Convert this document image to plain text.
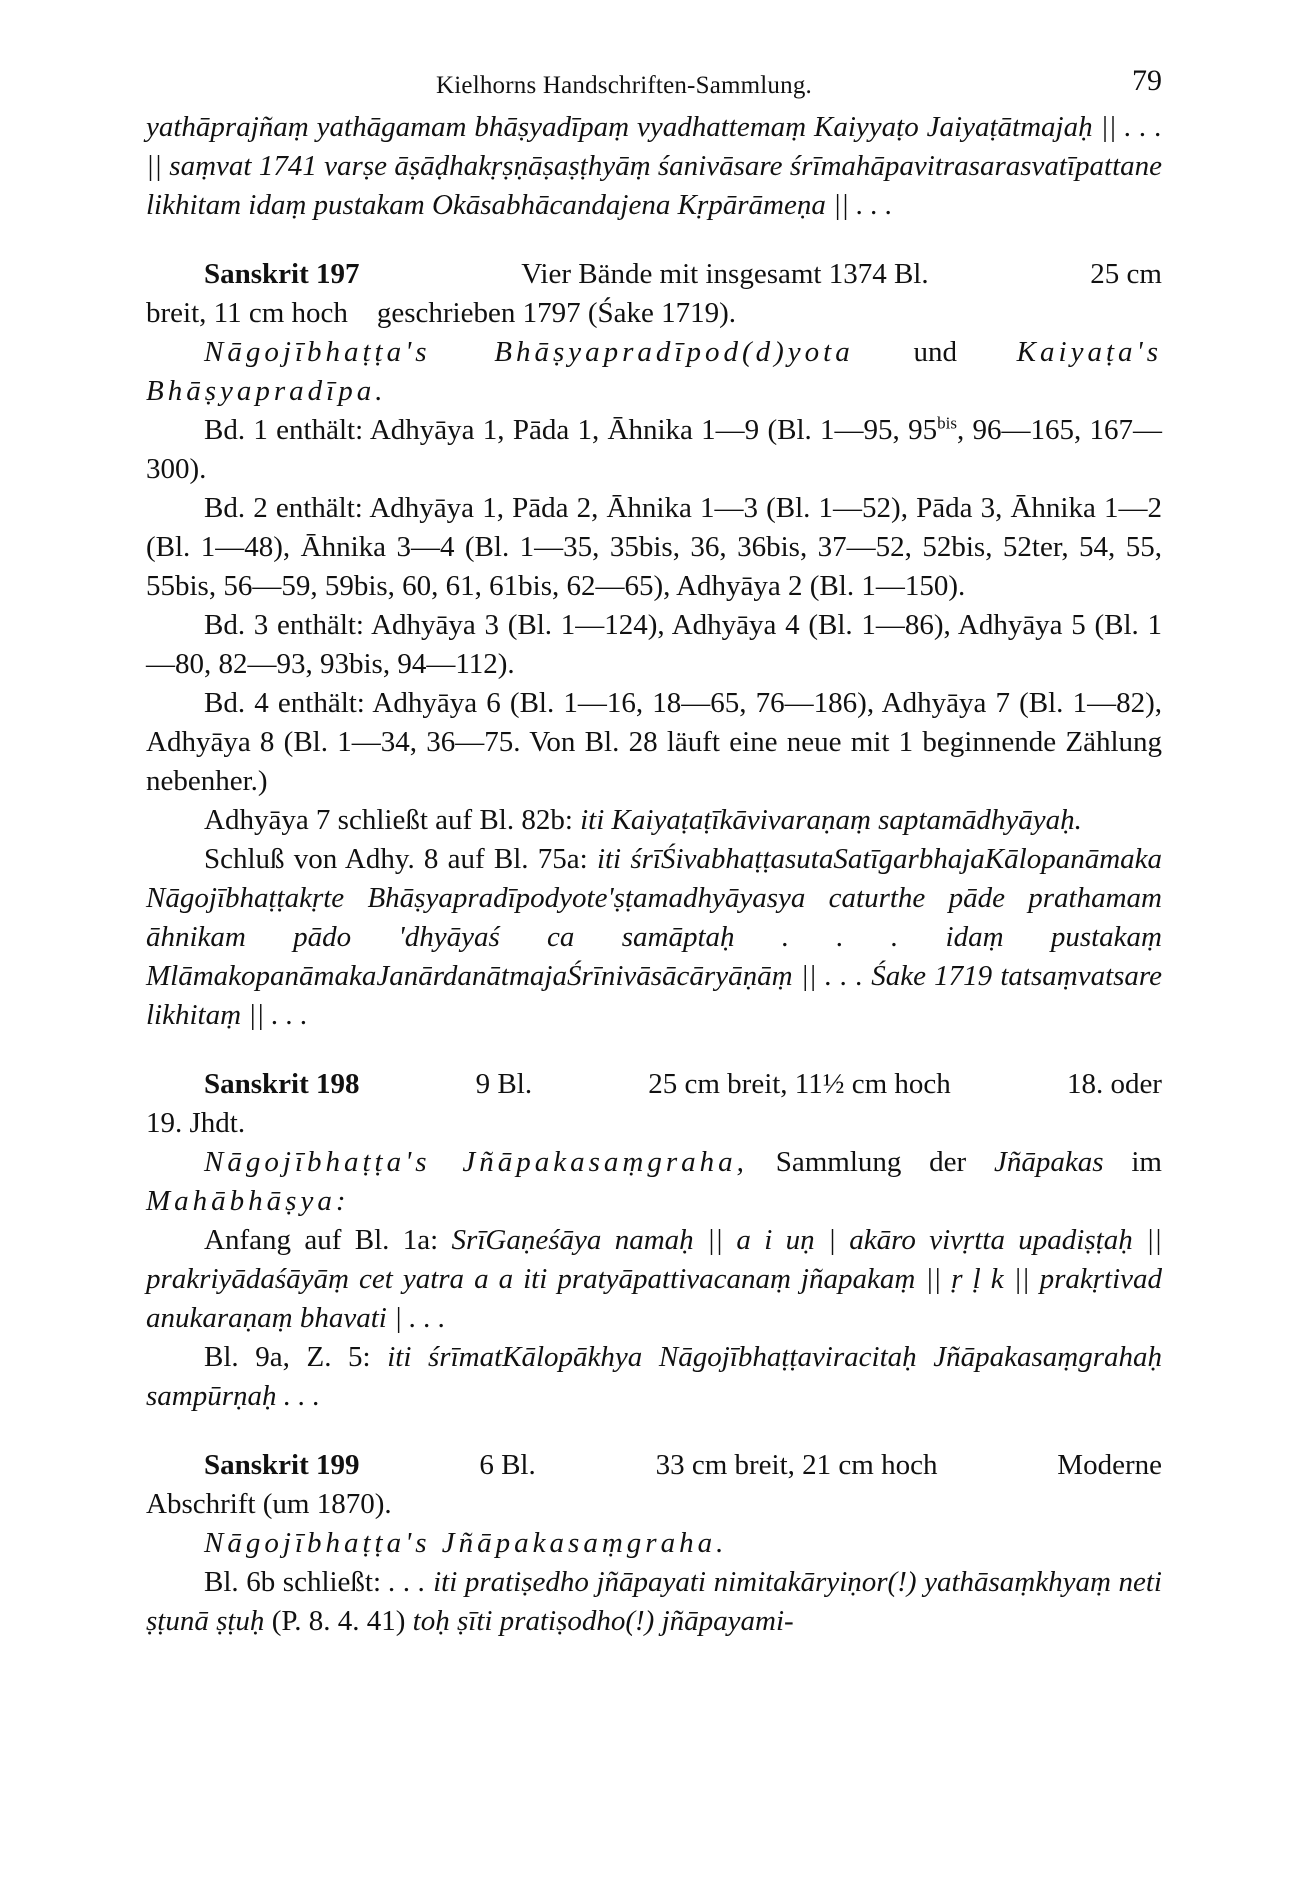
Kielhorns Handschriften-Sammlung.	79

yathāprajñaṃ yathāgamam bhāṣyadīpaṃ vyadhattemaṃ Kaiyyaṭo Jaiyaṭātmajaḥ || . . . || saṃvat 1741 varṣe āṣāḍhakṛṣṇāṣaṣṭhyāṃ śanivāsare śrīmahāpavitrasarasvatīpattane likhitam idaṃ pustakam Okāsabhācandajena Kṛpārāmeṇa || . . .

Sanskrit 197	Vier Bände mit insgesamt 1374 Bl.	25 cm

breit, 11 cm hoch    geschrieben 1797 (Śake 1719).

Nāgojībhaṭṭa's Bhāṣyapradīpod(d)yota und Kaiyaṭa's Bhāṣyapradīpa.

Bd. 1 enthält: Adhyāya 1, Pāda 1, Āhnika 1—9 (Bl. 1—95, $95^{bis}$, 96—165, 167—300).

Bd. 2 enthält: Adhyāya 1, Pāda 2, Āhnika 1—3 (Bl. 1—52), Pāda 3, Āhnika 1—2 (Bl. 1—48), Āhnika 3—4 (Bl. 1—35, 35bis, 36, 36bis, 37—52, 52bis, 52ter, 54, 55, 55bis, 56—59, 59bis, 60, 61, 61bis, 62—65), Adhyāya 2 (Bl. 1—150).

Bd. 3 enthält: Adhyāya 3 (Bl. 1—124), Adhyāya 4 (Bl. 1—86), Adhyāya 5 (Bl. 1—80, 82—93, 93bis, 94—112).

Bd. 4 enthält: Adhyāya 6 (Bl. 1—16, 18—65, 76—186), Adhyāya 7 (Bl. 1—82), Adhyāya 8 (Bl. 1—34, 36—75. Von Bl. 28 läuft eine neue mit 1 beginnende Zählung nebenher.)

Adhyāya 7 schließt auf Bl. 82b: iti Kaiyaṭaṭīkāvivaraṇaṃ saptamādhyāyaḥ.

Schluß von Adhy. 8 auf Bl. 75a: iti śrīŚivabhaṭṭasutaSatīgarbhajaKālopanāmaka Nāgojībhaṭṭakṛte Bhāṣyapradīpodyote'ṣṭamadhyāyasya caturthe pāde prathamam āhnikam pādo 'dhyāyaś ca samāptaḥ . . . idaṃ pustakaṃ MlāmakopanāmakaJanārdanātmajaŚrīnivāsācāryāṇāṃ || . . . Śake 1719 tatsaṃvatsare likhitaṃ || . . .

Sanskrit 198	9 Bl.	25 cm breit, 11½ cm hoch	18. oder

19. Jhdt.

Nāgojībhaṭṭa's Jñāpakasaṃgraha, Sammlung der Jñāpakas im Mahābhāṣya:

Anfang auf Bl. 1a: SrīGaṇeśāya namaḥ || a i uṇ | akāro vivṛtta upadiṣṭaḥ || prakriyādaśāyāṃ cet yatra a a iti pratyāpattivacanaṃ jñapakaṃ || ṛ ḷ k || prakṛtivad anukaraṇaṃ bhavati | . . .

Bl. 9a, Z. 5: iti śrīmatKālopākhya Nāgojībhaṭṭaviracitaḥ Jñāpakasaṃgrahaḥ sampūrṇaḥ . . .

Sanskrit 199	6 Bl.	33 cm breit, 21 cm hoch	Moderne

Abschrift (um 1870).

Nāgojībhaṭṭa's Jñāpakasaṃgraha.

Bl. 6b schließt: . . . iti pratiṣedho jñāpayati nimitakāryiṇor(!) yathāsaṃkhyaṃ neti ṣṭunā ṣṭuḥ (P. 8. 4. 41) toḥ ṣīti pratiṣodho(!) jñāpayami-
